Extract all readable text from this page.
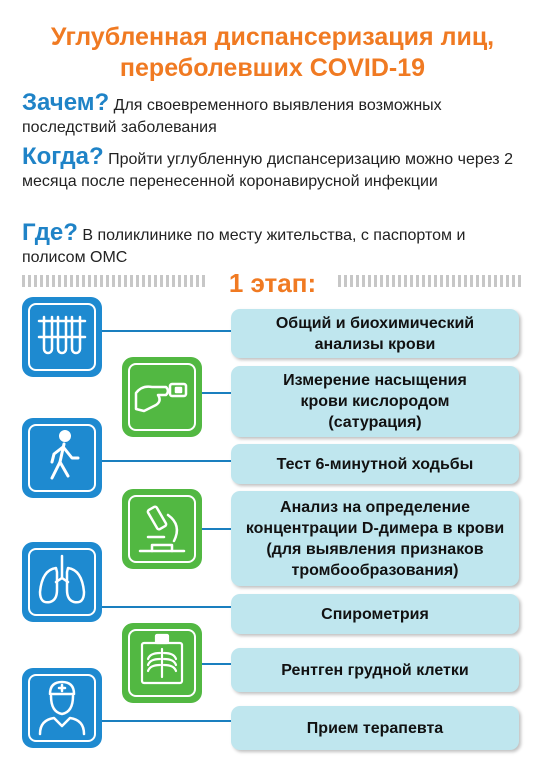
Углубленная диспансеризация лиц,
переболевших COVID-19
Зачем? Для своевременного выявления возможных последствий заболевания
Когда? Пройти углубленную диспансеризацию можно через 2 месяца после перенесенной коронавирусной инфекции
Где? В поликлинике по месту жительства, с паспортом и полисом ОМС
1 этап:
Общий и биохимический анализы крови
Измерение насыщения крови кислородом (сатурация)
Тест 6-минутной ходьбы
Анализ на определение концентрации D-димера в крови (для выявления признаков тромбообразования)
Спирометрия
Рентген грудной клетки
Прием терапевта
